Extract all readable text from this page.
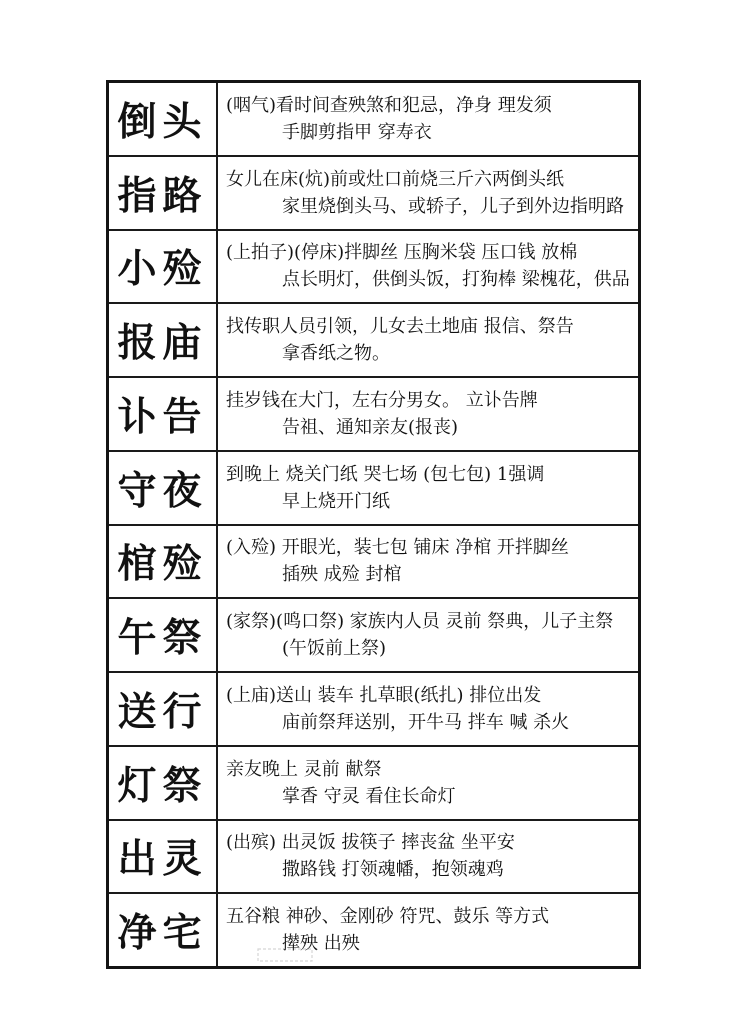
倒头	(咽气)看时间查殃煞和犯忌，净身 理发须
手脚剪指甲 穿寿衣
指路	女儿在床(炕)前或灶口前烧三斤六两倒头纸
家里烧倒头马、或轿子，儿子到外边指明路
小殓	(上拍子)(停床)拌脚丝 压胸米袋 压口钱 放棉
点长明灯，供倒头饭，打狗棒 梁槐花，供品
报庙	找传职人员引领，儿女去土地庙 报信、祭告
拿香纸之物。
讣告	挂岁钱在大门，左右分男女。 立讣告牌
告祖、通知亲友(报丧)
守夜	到晚上 烧关门纸 哭七场 (包七包) 1强调
早上烧开门纸
棺殓	(入殓) 开眼光，装七包 铺床 净棺 开拌脚丝
插殃 成殓 封棺
午祭	(家祭)(鸣口祭) 家族内人员 灵前 祭典，儿子主祭
(午饭前上祭)
送行	(上庙)送山 装车 扎草眼(纸扎) 排位出发
庙前祭拜送别，开牛马 拌车 喊 杀火
灯祭	亲友晚上 灵前 献祭
掌香 守灵 看住长命灯
出灵	(出殡) 出灵饭 拔筷子 摔丧盆 坐平安
撒路钱 打领魂幡，抱领魂鸡
净宅	五谷粮 神砂、金刚砂 符咒、鼓乐 等方式
撵殃 出殃
